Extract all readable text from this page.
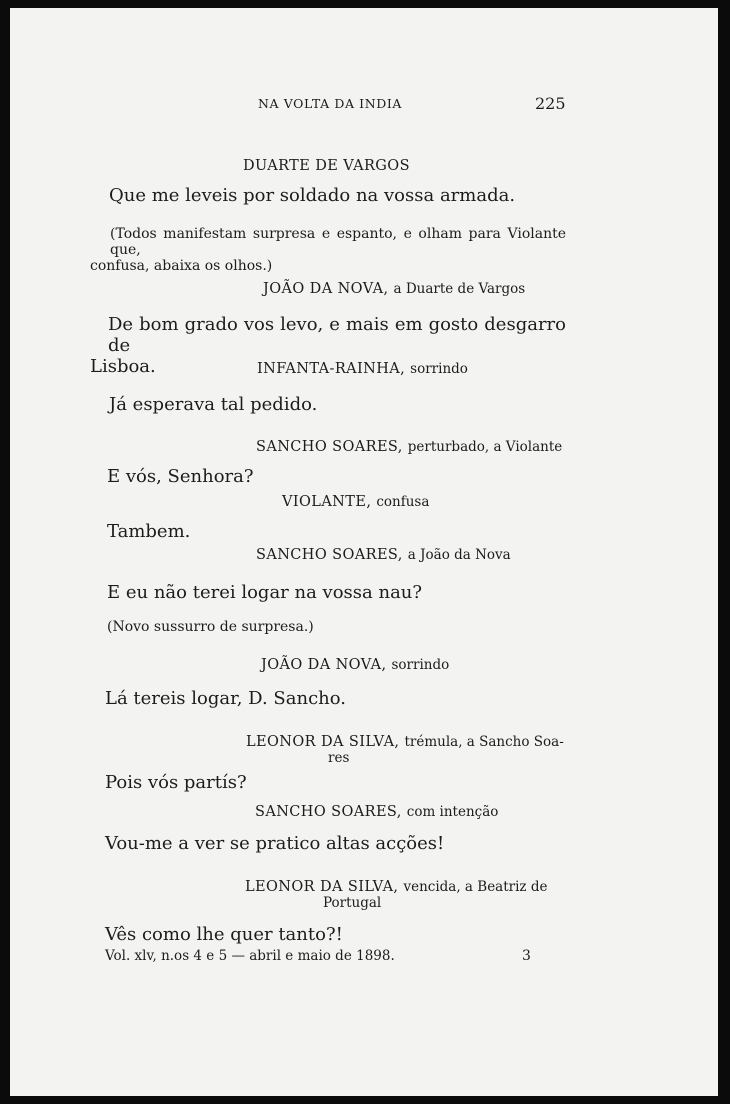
NA VOLTA DA INDIA	225
DUARTE DE VARGOS
Que me leveis por soldado na vossa armada.
(Todos manifestam surpresa e espanto, e olham para Violante que,
confusa, abaixa os olhos.)
JOÃO DA NOVA, a Duarte de Vargos
De bom grado vos levo, e mais em gosto desgarro de
Lisboa.	INFANTA-RAINHA, sorrindo
Já esperava tal pedido.
SANCHO SOARES, perturbado, a Violante
E vós, Senhora?
VIOLANTE, confusa
Tambem.
SANCHO SOARES, a João da Nova
E eu não terei logar na vossa nau?
(Novo sussurro de surpresa.)
JOÃO DA NOVA, sorrindo
Lá tereis logar, D. Sancho.
LEONOR DA SILVA, trémula, a Sancho Soa-
res
Pois vós partís?
SANCHO SOARES, com intenção
Vou-me a ver se pratico altas acções!
LEONOR DA SILVA, vencida, a Beatriz de
Portugal
Vês como lhe quer tanto?!
Vol. xlv, n.os 4 e 5 — abril e maio de 1898.	3
